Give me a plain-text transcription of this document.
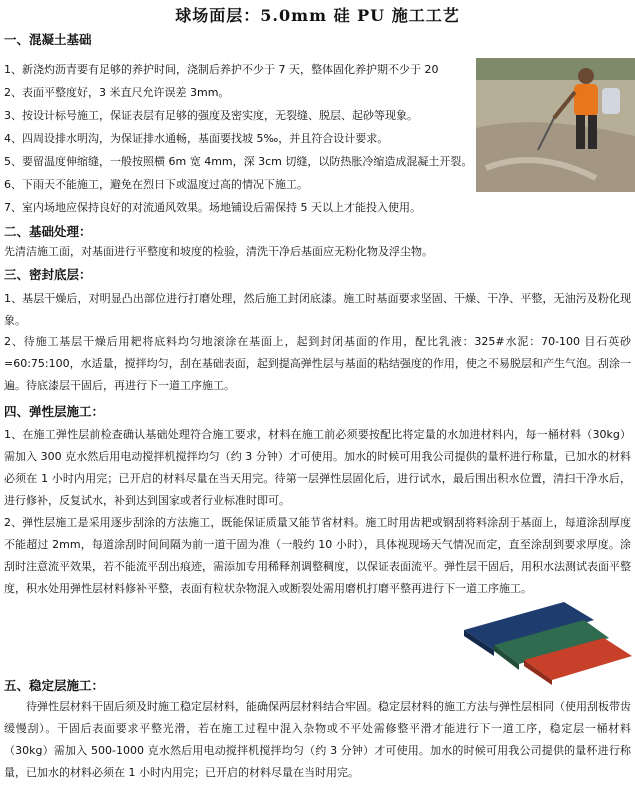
球场面层：5.0mm 硅 PU 施工工艺
一、混凝土基础
1、新浇灼沥青要有足够的养护时间，浇制后养护不少于 7 天，整体固化养护期不少于 20
2、表面平整度好，3 米直尺允许误差 3mm。
3、按设计标号施工，保证表层有足够的强度及密实度，无裂缝、脱层、起砂等现象。
4、四周设排水明沟，为保证排水通畅，基面要找坡 5‰，并且符合设计要求。
5、要留温度伸缩缝，一般按照横 6m 宽 4mm，深 3cm 切缝，以防热胀冷缩造成混凝土开裂。
6、下雨天不能施工，避免在烈日下或温度过高的情况下施工。
7、室内场地应保持良好的对流通风效果。场地铺设后需保持 5 天以上才能投入使用。
二、基础处理：
先清洁施工面，对基面进行平整度和坡度的检验，清洗干净后基面应无粉化物及浮尘物。
三、密封底层：
1、基层干燥后，对明显凸出部位进行打磨处理，然后施工封闭底漆。施工时基面要求坚固、干燥、干净、平整，无油污及粉化现象。
2、待施工基层干燥后用耙将底料均匀地滚涂在基面上，起到封闭基面的作用，配比乳液：325#水泥：70-100 目石英砂=60:75:100，水适量，搅拌均匀，刮在基础表面，起到提高弹性层与基面的粘结强度的作用，使之不易脱层和产生气泡。刮涂一遍。待底漆层干固后，再进行下一道工序施工。
四、弹性层施工：
1、在施工弹性层前检查确认基础处理符合施工要求，材料在施工前必须要按配比将定量的水加进材料内，每一桶材料（30kg）需加入 300 克水然后用电动搅拌机搅拌均匀（约 3 分钟）才可使用。加水的时候可用我公司提供的量杯进行称量，已加水的材料必须在 1 小时内用完；已开启的材料尽量在当天用完。待第一层弹性层固化后，进行试水，最后围出积水位置，清扫干净水后，进行修补，反复试水，补到达到国家或者行业标准时即可。
2、弹性层施工是采用逐步刮涂的方法施工，既能保证质量又能节省材料。施工时用齿耙或钢刮将料涂刮于基面上，每道涂刮厚度不能超过 2mm，每道涂刮时间间隔为前一道干固为准（一般约 10 小时），具体视现场天气情况而定，直至涂刮到要求厚度。涂刮时注意流平效果，若不能流平刮出痕迹，需添加专用稀释剂调整稠度，以保证表面流平。弹性层干固后，用积水法测试表面平整度，积水处用弹性层材料修补平整，表面有粒状杂物混入或断裂处需用磨机打磨平整再进行下一道工序施工。
五、稳定层施工：
待弹性层材料干固后须及时施工稳定层材料，能确保两层材料结合牢固。稳定层材料的施工方法与弹性层相同（使用刮板带齿缓慢刮）。干固后表面要求平整光滑，若在施工过程中混入杂物或不平处需修整平滑才能进行下一道工序，稳定层一桶材料（30kg）需加入 500-1000 克水然后用电动搅拌机搅拌均匀（约 3 分钟）才可使用。加水的时候可用我公司提供的量杯进行称量，已加水的材料必须在 1 小时内用完；已开启的材料尽量在当时用完。
